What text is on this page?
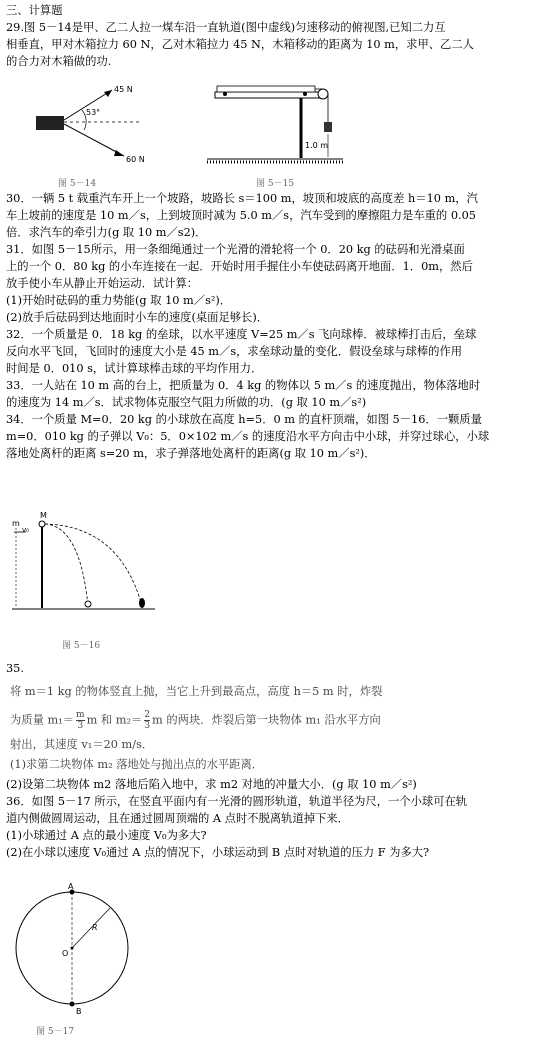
三、计算题
29.图 5－14是甲、乙二人拉一煤车沿一直轨道(图中虚线)匀速移动的俯视图,已知二力互
相垂直，甲对木箱拉力 60 N，乙对木箱拉力 45 N，木箱移动的距离为 10 m，求甲、乙二人
的合力对木箱做的功.
45 N
53°
60 N
图 5－14
1.0 m
图 5－15
30．一辆 5 t 载重汽车开上一个坡路，坡路长 s＝100 m，坡顶和坡底的高度差 h＝10 m，汽
车上坡前的速度是 10 m／s，上到坡顶时减为 5.0 m／s，汽车受到的摩擦阻力是车重的 0.05
倍．求汽车的牵引力(g 取 10 m／s2)．
31．如图 5－15所示，用一条细绳通过一个光滑的滑轮将一个 0．20 kg 的砝码和光滑桌面
上的一个 0．80 kg 的小车连接在一起．开始时用手握住小车使砝码离开地面．1．0m，然后
放手使小车从静止开始运动．试计算：
(1)开始时砝码的重力势能(g 取 10 m／s²)．
(2)放手后砝码到达地面时小车的速度(桌面足够长)．
32．一个质量是 0．18 kg 的垒球，以水平速度 V=25 m／s 飞向球棒．被球棒打击后，垒球
反向水平飞回，飞回时的速度大小是 45 m／s，求垒球动量的变化．假设垒球与球棒的作用
时间是 0．010 s，试计算球棒击球的平均作用力．
33．一人站在 10 m 高的台上，把质量为 0．4 kg 的物体以 5 m／s 的速度抛出，物体落地时
的速度为 14 m／s．试求物体克服空气阻力所做的功．(g 取 10 m／s²)
34．一个质量 M=0．20 kg 的小球放在高度 h=5．0 m 的直杆顶端，如图 5－16．一颗质量
m=0．010 kg 的子弹以 V₀：5．0×102 m／s 的速度沿水平方向击中小球，并穿过球心，小球
落地处离杆的距离 s=20 m，求子弹落地处离杆的距离(g 取 10 m／s²)．
m
M
v₀
图 5－16
35.
将 m＝1 kg 的物体竖直上抛，当它上升到最高点，高度 h＝5 m 时，炸裂
为质量 $m_1= \frac{m}{3}$ m 和 $m_2= \frac{2}{3}$ m 的两块．炸裂后第一块物体 m₁ 沿水平方向
射出，其速度 v₁＝20 m/s．
(1)求第二块物体 m₂ 落地处与抛出点的水平距离．
(2)设第二块物体 m2 落地后陷入地中，求 m2 对地的冲量大小．(g 取 10 m／s²)
36．如图 5－17 所示，在竖直平面内有一光滑的圆形轨道，轨道半径为尺，一个小球可在轨
道内侧做圆周运动，且在通过圆周顶端的 A 点时不脱离轨道掉下来．
(1)小球通过 A 点的最小速度 V₀为多大?
(2)在小球以速度 V₀通过 A 点的情况下，小球运动到 B 点时对轨道的压力 F 为多大?
A
B
R
O
图 5－17
